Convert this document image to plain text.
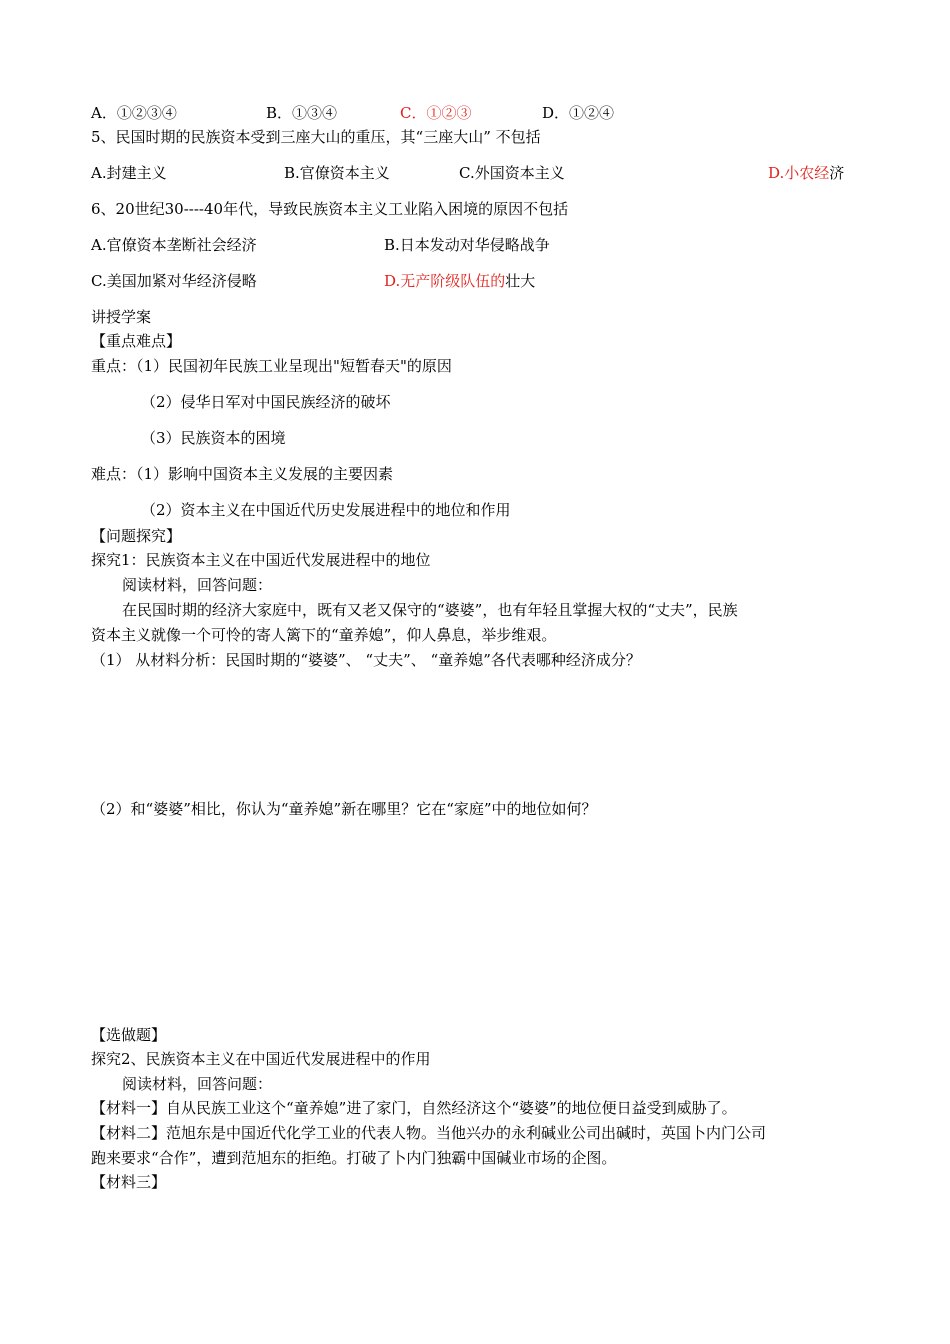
A．①②③④	B．①③④	C．①②③	D．①②④
5、民国时期的民族资本受到三座大山的重压，其“三座大山” 不包括
A.封建主义	B.官僚资本主义	C.外国资本主义	D.小农经济
6、20世纪30----40年代，导致民族资本主义工业陷入困境的原因不包括
A.官僚资本垄断社会经济	B.日本发动对华侵略战争
C.美国加紧对华经济侵略	D.无产阶级队伍的壮大
讲授学案
【重点难点】
重点：（1）民国初年民族工业呈现出"短暂春天"的原因
（2）侵华日军对中国民族经济的破坏
（3）民族资本的困境
难点：（1）影响中国资本主义发展的主要因素
（2）资本主义在中国近代历史发展进程中的地位和作用
【问题探究】
探究1：民族资本主义在中国近代发展进程中的地位
阅读材料，回答问题：
在民国时期的经济大家庭中，既有又老又保守的“婆婆”，也有年轻且掌握大权的“丈夫”，民族
资本主义就像一个可怜的寄人篱下的“童养媳”，仰人鼻息，举步维艰。
（1） 从材料分析：民国时期的“婆婆”、 “丈夫”、 “童养媳”各代表哪种经济成分？
（2）和“婆婆”相比，你认为“童养媳”新在哪里？它在“家庭”中的地位如何？
【选做题】
探究2、民族资本主义在中国近代发展进程中的作用
阅读材料，回答问题：
【材料一】自从民族工业这个“童养媳”进了家门，自然经济这个“婆婆”的地位便日益受到威胁了。
【材料二】范旭东是中国近代化学工业的代表人物。当他兴办的永利碱业公司出碱时，英国卜内门公司
跑来要求“合作”，遭到范旭东的拒绝。打破了卜内门独霸中国碱业市场的企图。
【材料三】
